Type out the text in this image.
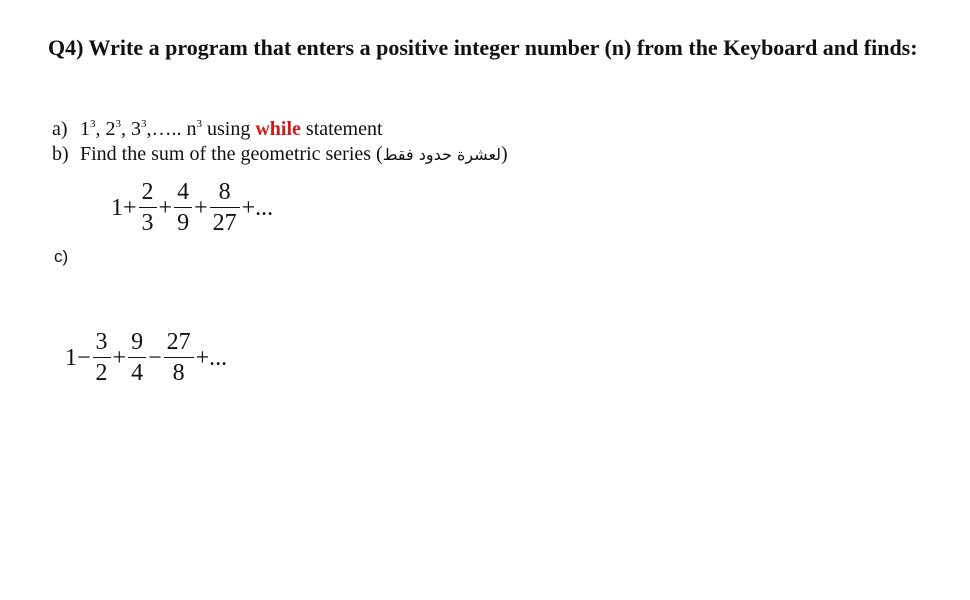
Q4) Write a program that enters a positive integer number (n) from the Keyboard and finds:
a) $1^3$, $2^3$, $3^3,\dots$.. $n^3$ using while statement
b) Find the sum of the geometric series (لعشرة حدود فقط)
$1+ \frac{2}{3} + \frac{4}{9} + \frac{8}{27}$ +...
c)
$1- \frac{3}{2} + \frac{9}{4} - \frac{27}{8}$ +...
